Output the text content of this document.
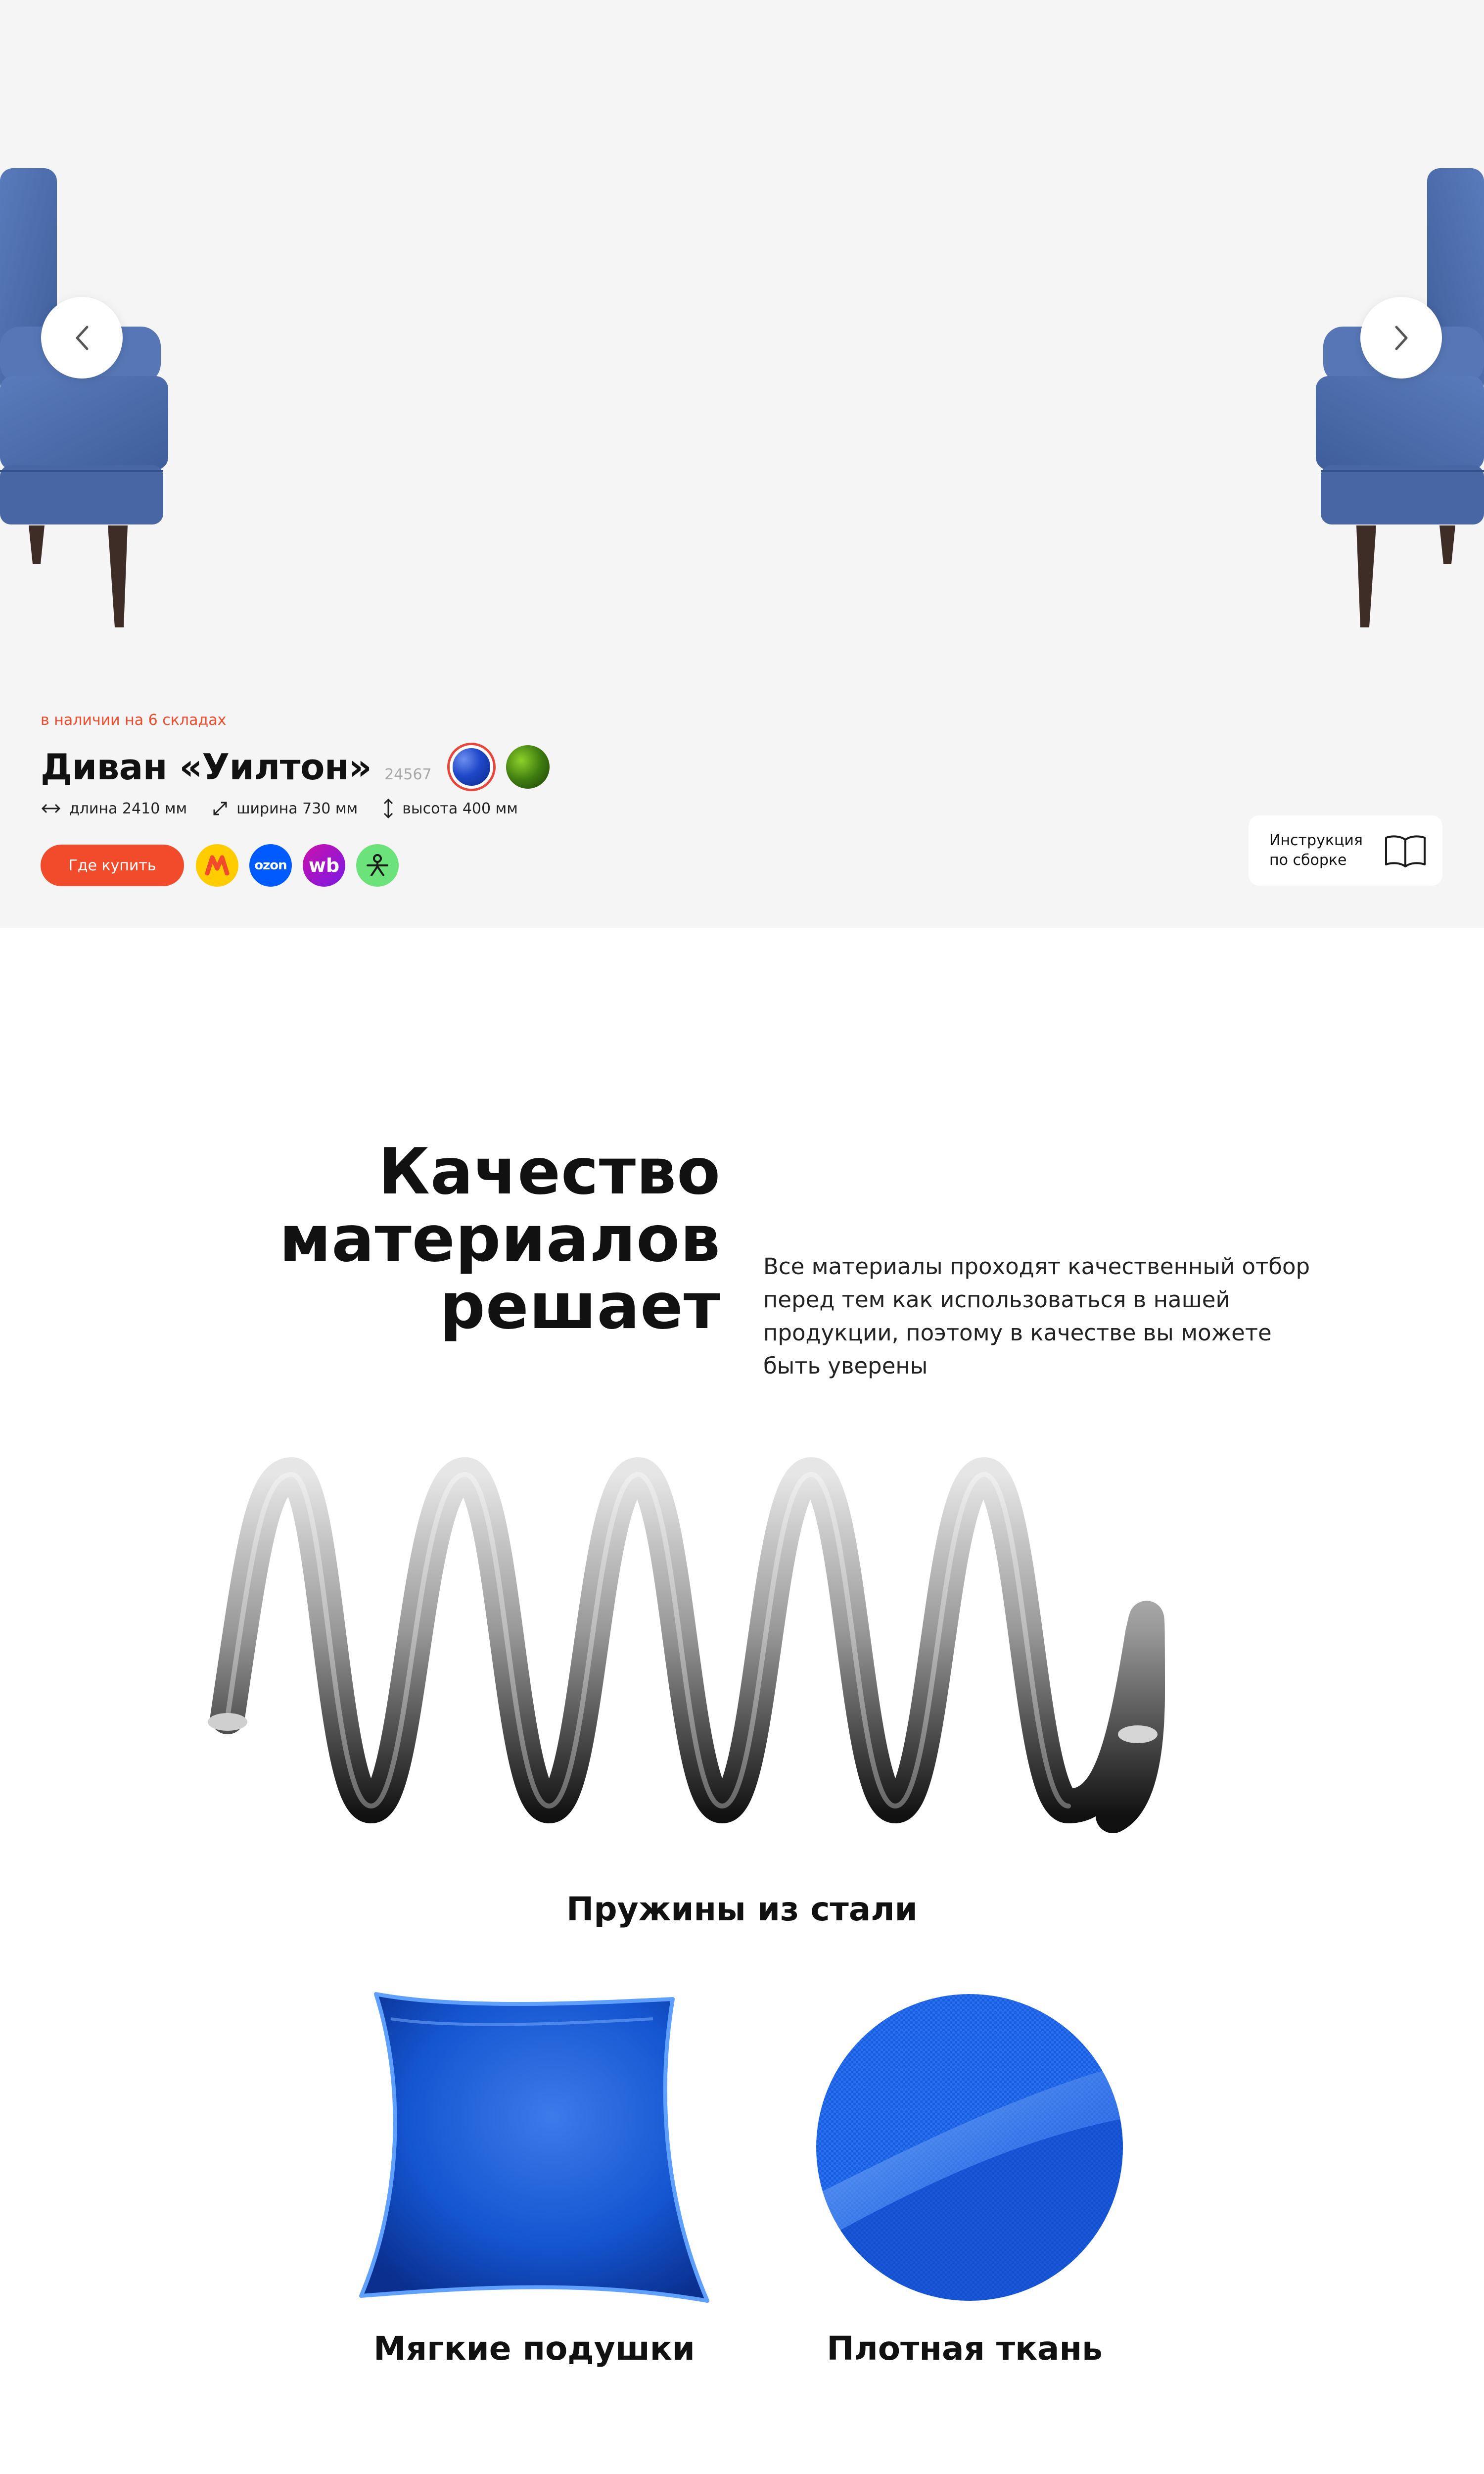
в наличии на 6 складах
Диван «Уилтон» 24567
длина 2410 мм	ширина 730 мм	высота 400 мм
Где купить	ozon	wb
Инструкция
по сборке
Качество
материалов
решает

Все материалы проходят качественный отбор перед тем как использоваться в нашей продукции, поэтому в качестве вы можете быть уверены

Пружины из стали
Мягкие подушки	Плотная ткань
